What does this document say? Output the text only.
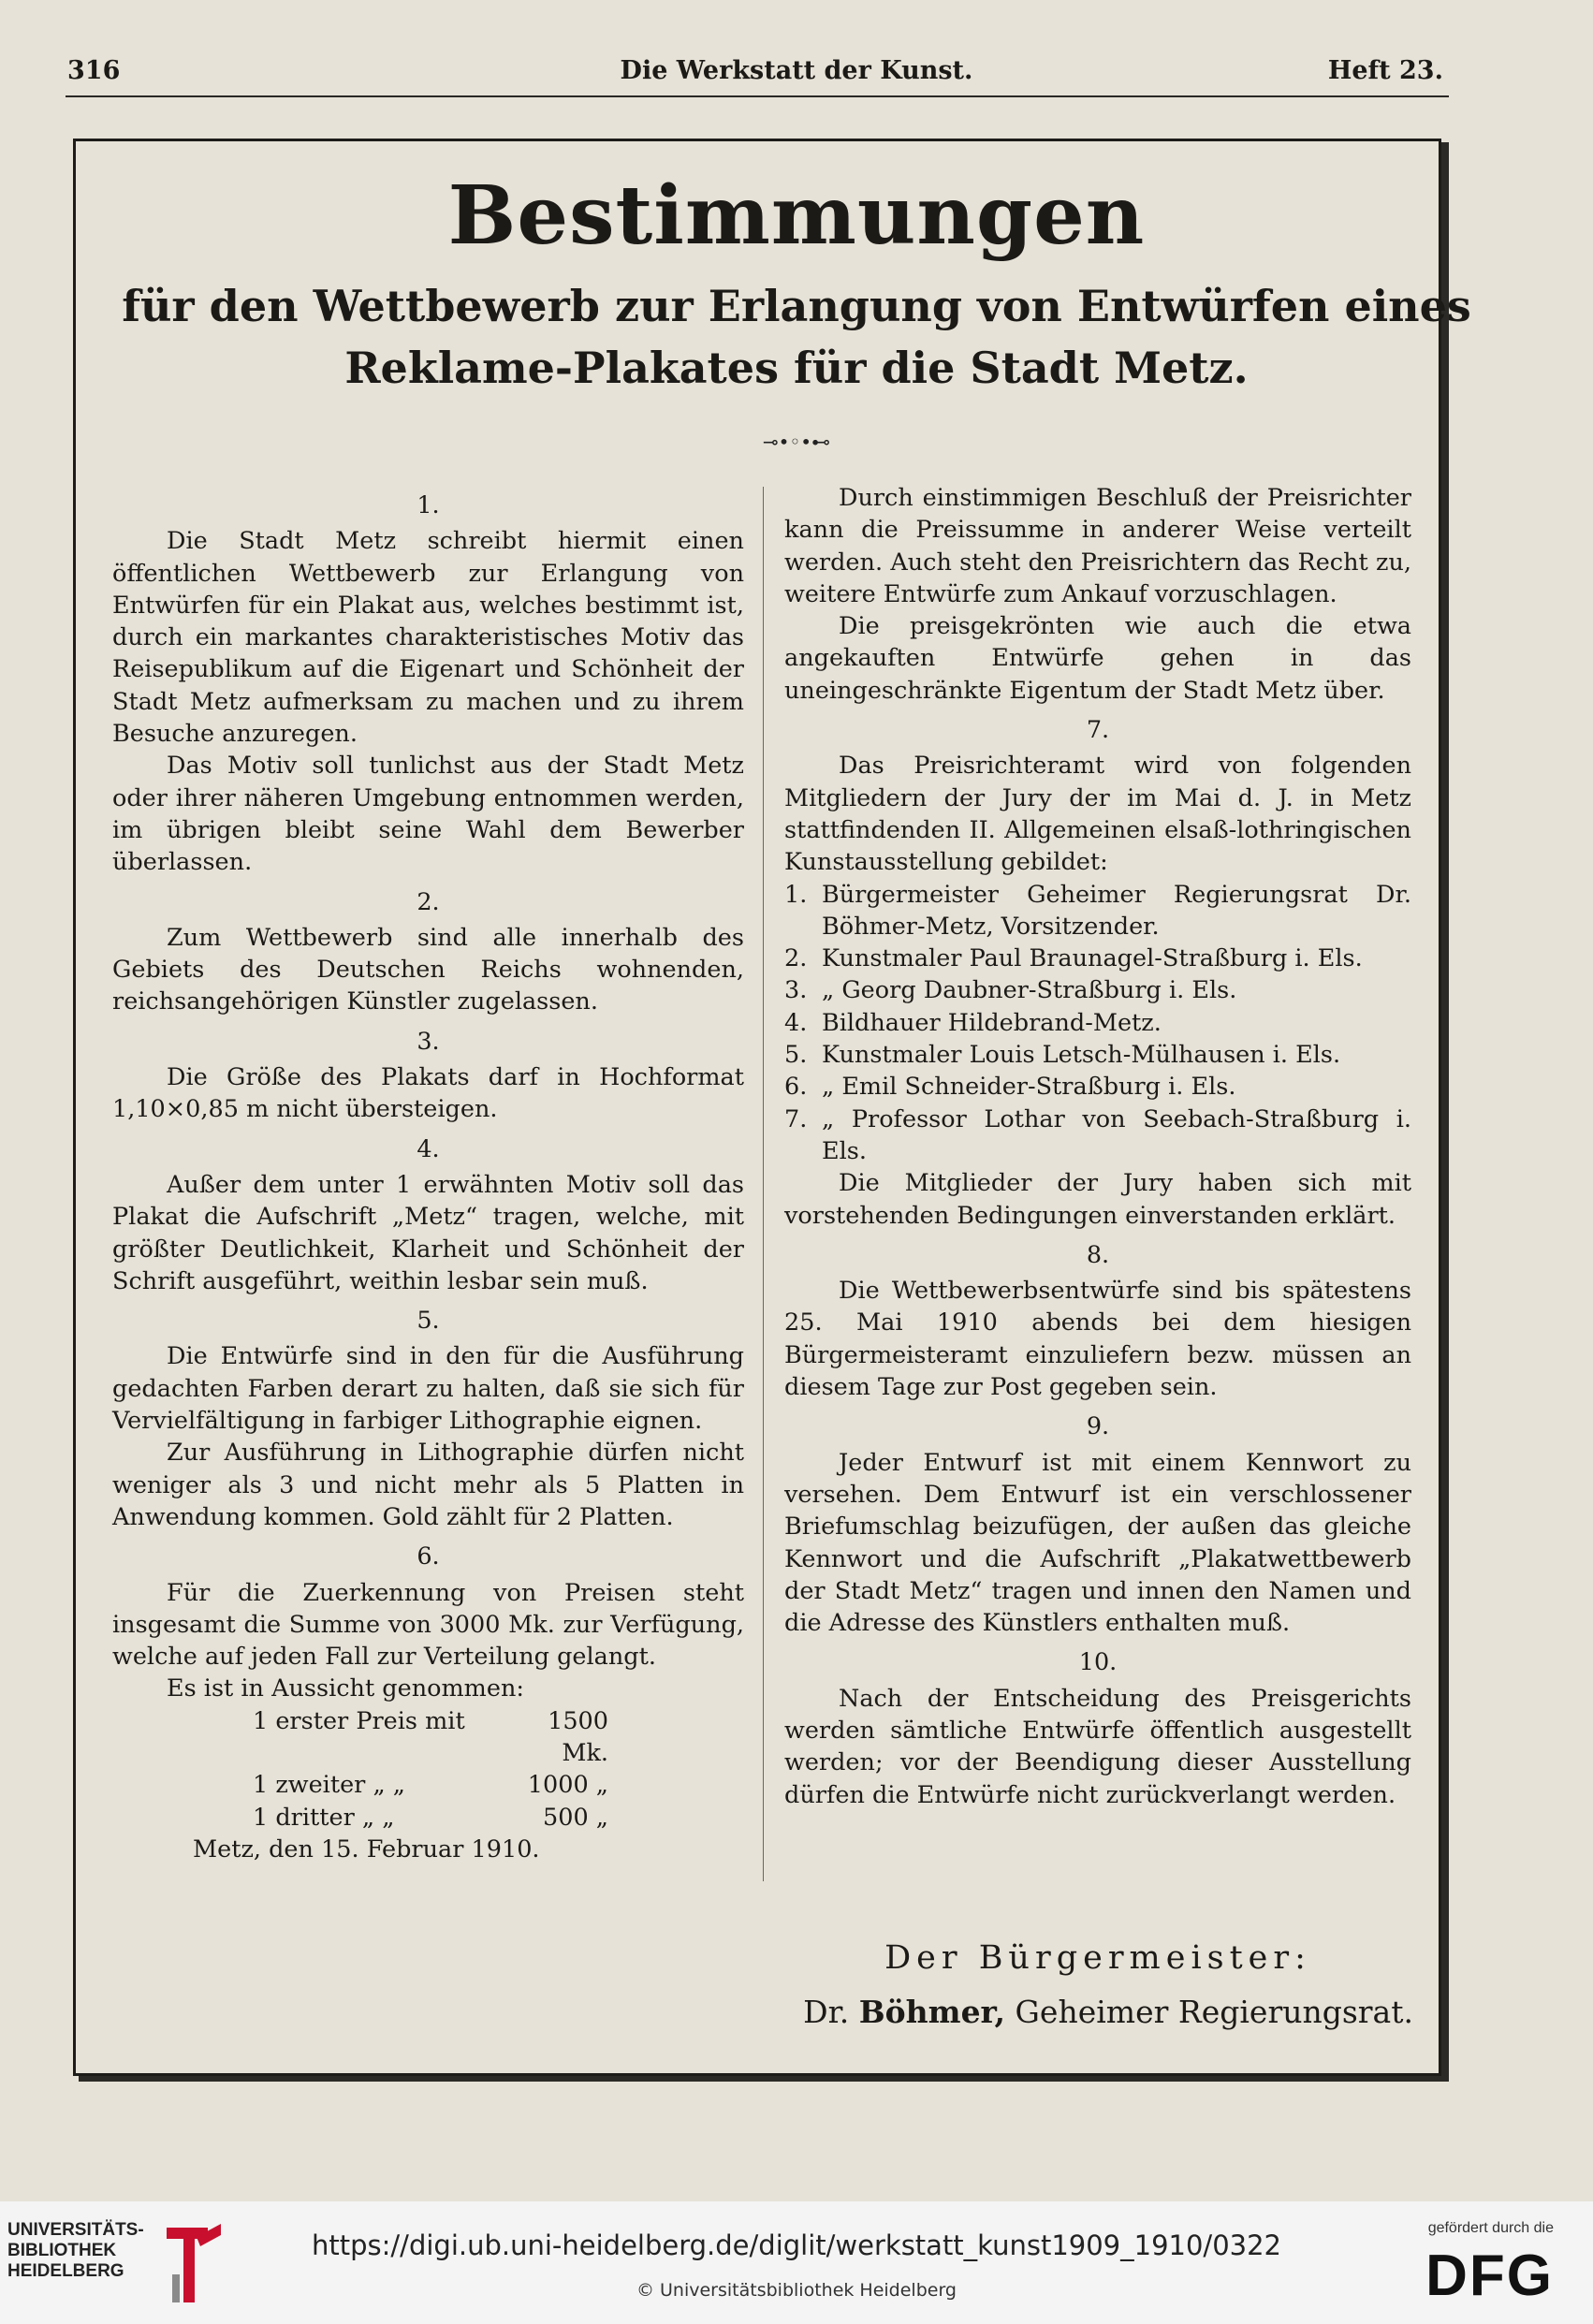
316	Die Werkstatt der Kunst.	Heft 23.
Bestimmungen
für den Wettbewerb zur Erlangung von Entwürfen eines
Reklame-Plakates für die Stadt Metz.
⊸•◦•⊷
1.

Die Stadt Metz schreibt hiermit einen öffentlichen Wettbewerb zur Erlangung von Entwürfen für ein Plakat aus, welches bestimmt ist, durch ein markantes charakteristisches Motiv das Reisepublikum auf die Eigenart und Schönheit der Stadt Metz aufmerksam zu machen und zu ihrem Besuche anzuregen.

Das Motiv soll tunlichst aus der Stadt Metz oder ihrer näheren Umgebung entnommen werden, im übrigen bleibt seine Wahl dem Bewerber überlassen.

2.

Zum Wettbewerb sind alle innerhalb des Gebiets des Deutschen Reichs wohnenden, reichsangehörigen Künstler zugelassen.

3.

Die Größe des Plakats darf in Hochformat 1,10×0,85 m nicht übersteigen.

4.

Außer dem unter 1 erwähnten Motiv soll das Plakat die Aufschrift „Metz“ tragen, welche, mit größter Deutlichkeit, Klarheit und Schönheit der Schrift ausgeführt, weithin lesbar sein muß.

5.

Die Entwürfe sind in den für die Ausführung gedachten Farben derart zu halten, daß sie sich für Vervielfältigung in farbiger Lithographie eignen.

Zur Ausführung in Lithographie dürfen nicht weniger als 3 und nicht mehr als 5 Platten in Anwendung kommen. Gold zählt für 2 Platten.

6.

Für die Zuerkennung von Preisen steht insgesamt die Summe von 3000 Mk. zur Verfügung, welche auf jeden Fall zur Verteilung gelangt.

Es ist in Aussicht genommen:

1 erster Preis mit	1500 Mk.
1 zweiter „ „	1000 „
1 dritter „ „	500 „

Metz, den 15. Februar 1910.

Durch einstimmigen Beschluß der Preisrichter kann die Preissumme in anderer Weise verteilt werden. Auch steht den Preisrichtern das Recht zu, weitere Entwürfe zum Ankauf vorzuschlagen.

Die preisgekrönten wie auch die etwa angekauften Entwürfe gehen in das uneingeschränkte Eigentum der Stadt Metz über.

7.

Das Preisrichteramt wird von folgenden Mitgliedern der Jury der im Mai d. J. in Metz stattfindenden II. Allgemeinen elsaß-lothringischen Kunstausstellung gebildet:

1. Bürgermeister Geheimer Regierungsrat Dr. Böhmer-Metz, Vorsitzender.
2. Kunstmaler Paul Braunagel-Straßburg i. Els.
3. „ Georg Daubner-Straßburg i. Els.
4. Bildhauer Hildebrand-Metz.
5. Kunstmaler Louis Letsch-Mülhausen i. Els.
6. „ Emil Schneider-Straßburg i. Els.
7. „ Professor Lothar von Seebach-Straßburg i. Els.

Die Mitglieder der Jury haben sich mit vorstehenden Bedingungen einverstanden erklärt.

8.

Die Wettbewerbsentwürfe sind bis spätestens 25. Mai 1910 abends bei dem hiesigen Bürgermeisteramt einzuliefern bezw. müssen an diesem Tage zur Post gegeben sein.

9.

Jeder Entwurf ist mit einem Kennwort zu versehen. Dem Entwurf ist ein verschlossener Briefumschlag beizufügen, der außen das gleiche Kennwort und die Aufschrift „Plakatwettbewerb der Stadt Metz“ tragen und innen den Namen und die Adresse des Künstlers enthalten muß.

10.

Nach der Entscheidung des Preisgerichts werden sämtliche Entwürfe öffentlich ausgestellt werden; vor der Beendigung dieser Ausstellung dürfen die Entwürfe nicht zurückverlangt werden.

Der Bürgermeister:
Dr. Böhmer, Geheimer Regierungsrat.
UNIVERSITÄTS-
BIBLIOTHEK
HEIDELBERG
https://digi.ub.uni-heidelberg.de/diglit/werkstatt_kunst1909_1910/0322
© Universitätsbibliothek Heidelberg
gefördert durch die
DFG
